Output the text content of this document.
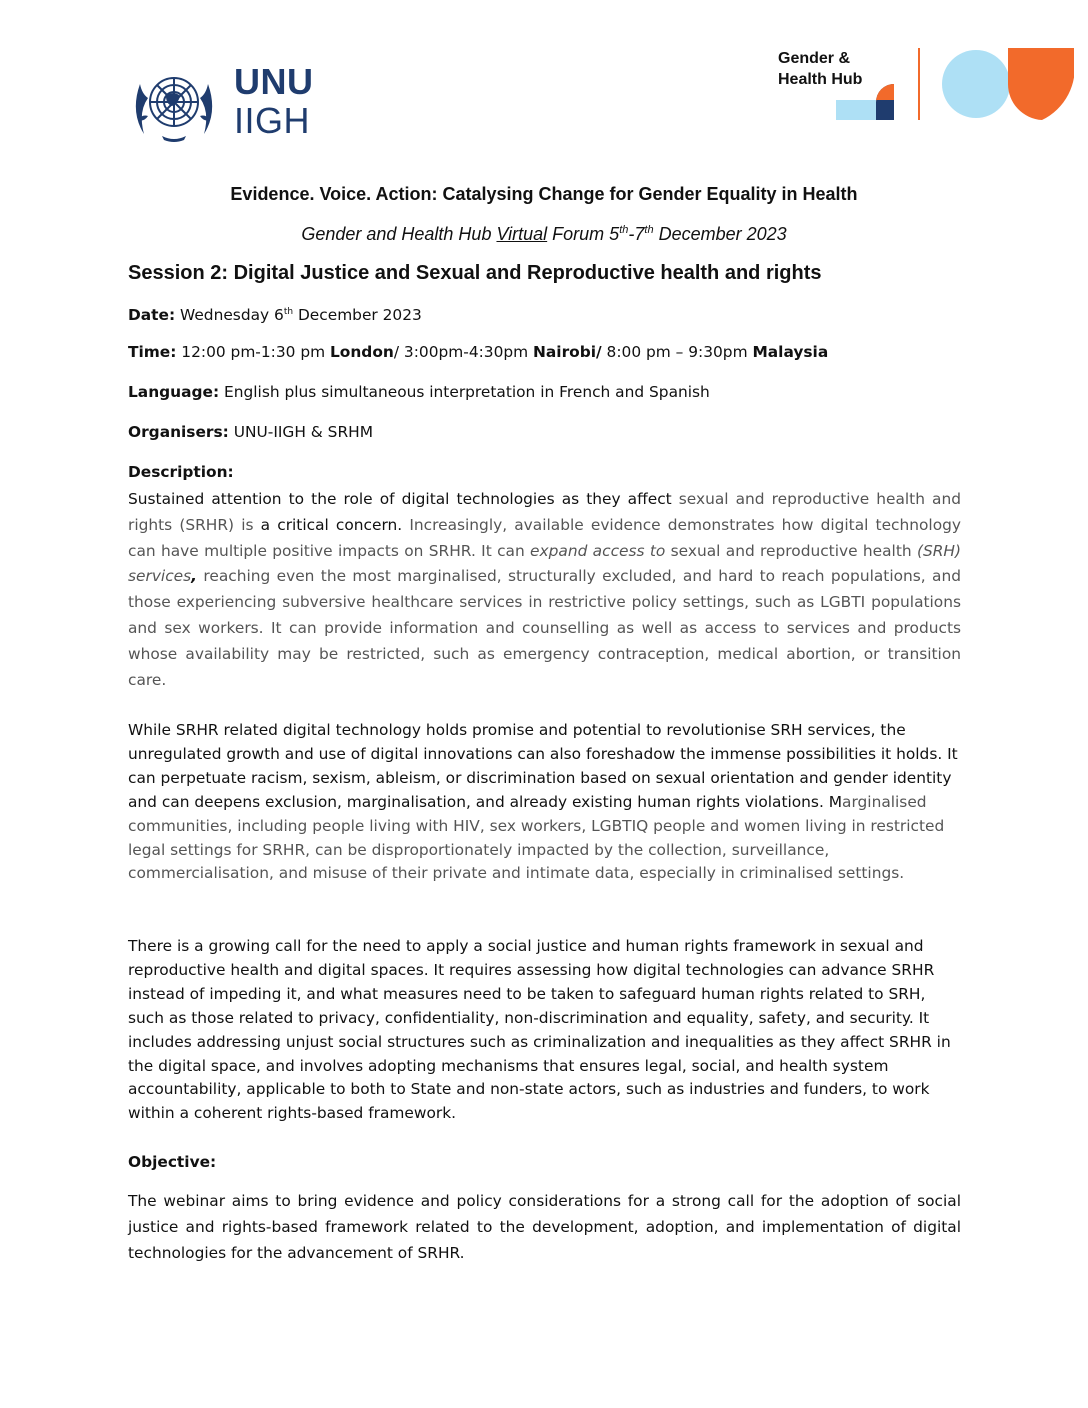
UNU
IIGH
Gender &
Health Hub
Evidence. Voice. Action: Catalysing Change for Gender Equality in Health
Gender and Health Hub Virtual Forum 5th-7th December 2023
Session 2: Digital Justice and Sexual and Reproductive health and rights
Date: Wednesday 6th December 2023
Time: 12:00 pm-1:30 pm London/ 3:00pm-4:30pm Nairobi/ 8:00 pm – 9:30pm Malaysia
Language: English plus simultaneous interpretation in French and Spanish
Organisers: UNU-IIGH & SRHM
Description:
Sustained attention to the role of digital technologies as they affect sexual and reproductive health and rights (SRHR) is a critical concern. Increasingly, available evidence demonstrates how digital technology can have multiple positive impacts on SRHR. It can expand access to sexual and reproductive health (SRH) services, reaching even the most marginalised, structurally excluded, and hard to reach populations, and those experiencing subversive healthcare services in restrictive policy settings, such as LGBTI populations and sex workers. It can provide information and counselling as well as access to services and products whose availability may be restricted, such as emergency contraception, medical abortion, or transition care.
While SRHR related digital technology holds promise and potential to revolutionise SRH services, the unregulated growth and use of digital innovations can also foreshadow the immense possibilities it holds. It can perpetuate racism, sexism, ableism, or discrimination based on sexual orientation and gender identity and can deepens exclusion, marginalisation, and already existing human rights violations. Marginalised communities, including people living with HIV, sex workers, LGBTIQ people and women living in restricted legal settings for SRHR, can be disproportionately impacted by the collection, surveillance, commercialisation, and misuse of their private and intimate data, especially in criminalised settings.
There is a growing call for the need to apply a social justice and human rights framework in sexual and reproductive health and digital spaces. It requires assessing how digital technologies can advance SRHR instead of impeding it, and what measures need to be taken to safeguard human rights related to SRH, such as those related to privacy, confidentiality, non-discrimination and equality, safety, and security. It includes addressing unjust social structures such as criminalization and inequalities as they affect SRHR in the digital space, and involves adopting mechanisms that ensures legal, social, and health system accountability, applicable to both to State and non-state actors, such as industries and funders, to work within a coherent rights-based framework.
Objective:
The webinar aims to bring evidence and policy considerations for a strong call for the adoption of social justice and rights-based framework related to the development, adoption, and implementation of digital technologies for the advancement of SRHR.
